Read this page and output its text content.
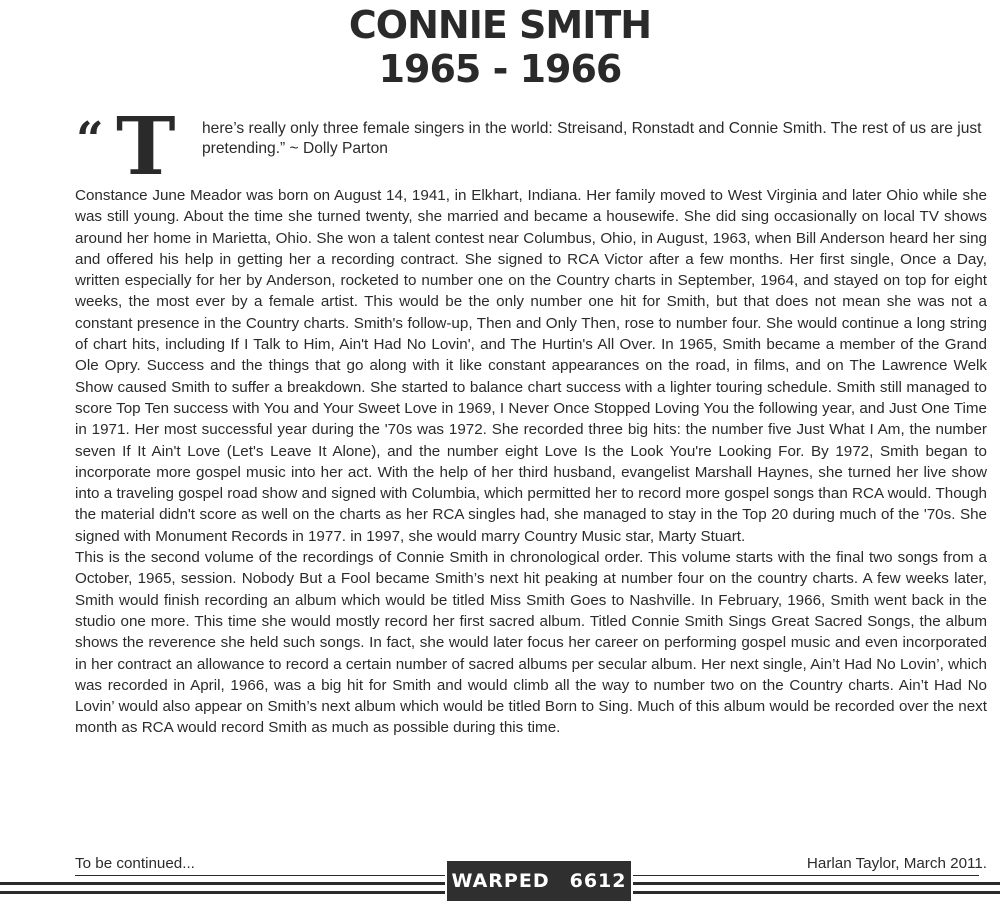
CONNIE SMITH
1965 - 1966
“ T here’s really only three female singers in the world: Streisand, Ronstadt and Connie Smith. The rest of us are just pretending.” ~ Dolly Parton

Constance June Meador was born on August 14, 1941, in Elkhart, Indiana. Her family moved to West Virginia and later Ohio while she was still young. About the time she turned twenty, she married and became a housewife. She did sing occasionally on local TV shows around her home in Marietta, Ohio. She won a talent contest near Columbus, Ohio, in August, 1963, when Bill Anderson heard her sing and offered his help in getting her a recording contract. She signed to RCA Victor after a few months. Her first single, Once a Day, written especially for her by Anderson, rocketed to number one on the Country charts in September, 1964, and stayed on top for eight weeks, the most ever by a female artist. This would be the only number one hit for Smith, but that does not mean she was not a constant presence in the Country charts. Smith's follow-up, Then and Only Then, rose to number four. She would continue a long string of chart hits, including If I Talk to Him, Ain't Had No Lovin', and The Hurtin's All Over. In 1965, Smith became a member of the Grand Ole Opry. Success and the things that go along with it like constant appearances on the road, in films, and on The Lawrence Welk Show caused Smith to suffer a breakdown. She started to balance chart success with a lighter touring schedule. Smith still managed to score Top Ten success with You and Your Sweet Love in 1969, I Never Once Stopped Loving You the following year, and Just One Time in 1971. Her most successful year during the '70s was 1972. She recorded three big hits: the number five Just What I Am, the number seven If It Ain't Love (Let's Leave It Alone), and the number eight Love Is the Look You're Looking For. By 1972, Smith began to incorporate more gospel music into her act. With the help of her third husband, evangelist Marshall Haynes, she turned her live show into a traveling gospel road show and signed with Columbia, which permitted her to record more gospel songs than RCA would. Though the material didn't score as well on the charts as her RCA singles had, she managed to stay in the Top 20 during much of the '70s. She signed with Monument Records in 1977. in 1997, she would marry Country Music star, Marty Stuart.

This is the second volume of the recordings of Connie Smith in chronological order. This volume starts with the final two songs from a October, 1965, session. Nobody But a Fool became Smith’s next hit peaking at number four on the country charts. A few weeks later, Smith would finish recording an album which would be titled Miss Smith Goes to Nashville. In February, 1966, Smith went back in the studio one more. This time she would mostly record her first sacred album. Titled Connie Smith Sings Great Sacred Songs, the album shows the reverence she held such songs. In fact, she would later focus her career on performing gospel music and even incorporated in her contract an allowance to record a certain number of sacred albums per secular album. Her next single, Ain’t Had No Lovin’, which was recorded in April, 1966, was a big hit for Smith and would climb all the way to number two on the Country charts. Ain’t Had No Lovin’ would also appear on Smith’s next album which would be titled Born to Sing. Much of this album would be recorded over the next month as RCA would record Smith as much as possible during this time.

To be continued...	Harlan Taylor, March 2011.
WARPED 6612
